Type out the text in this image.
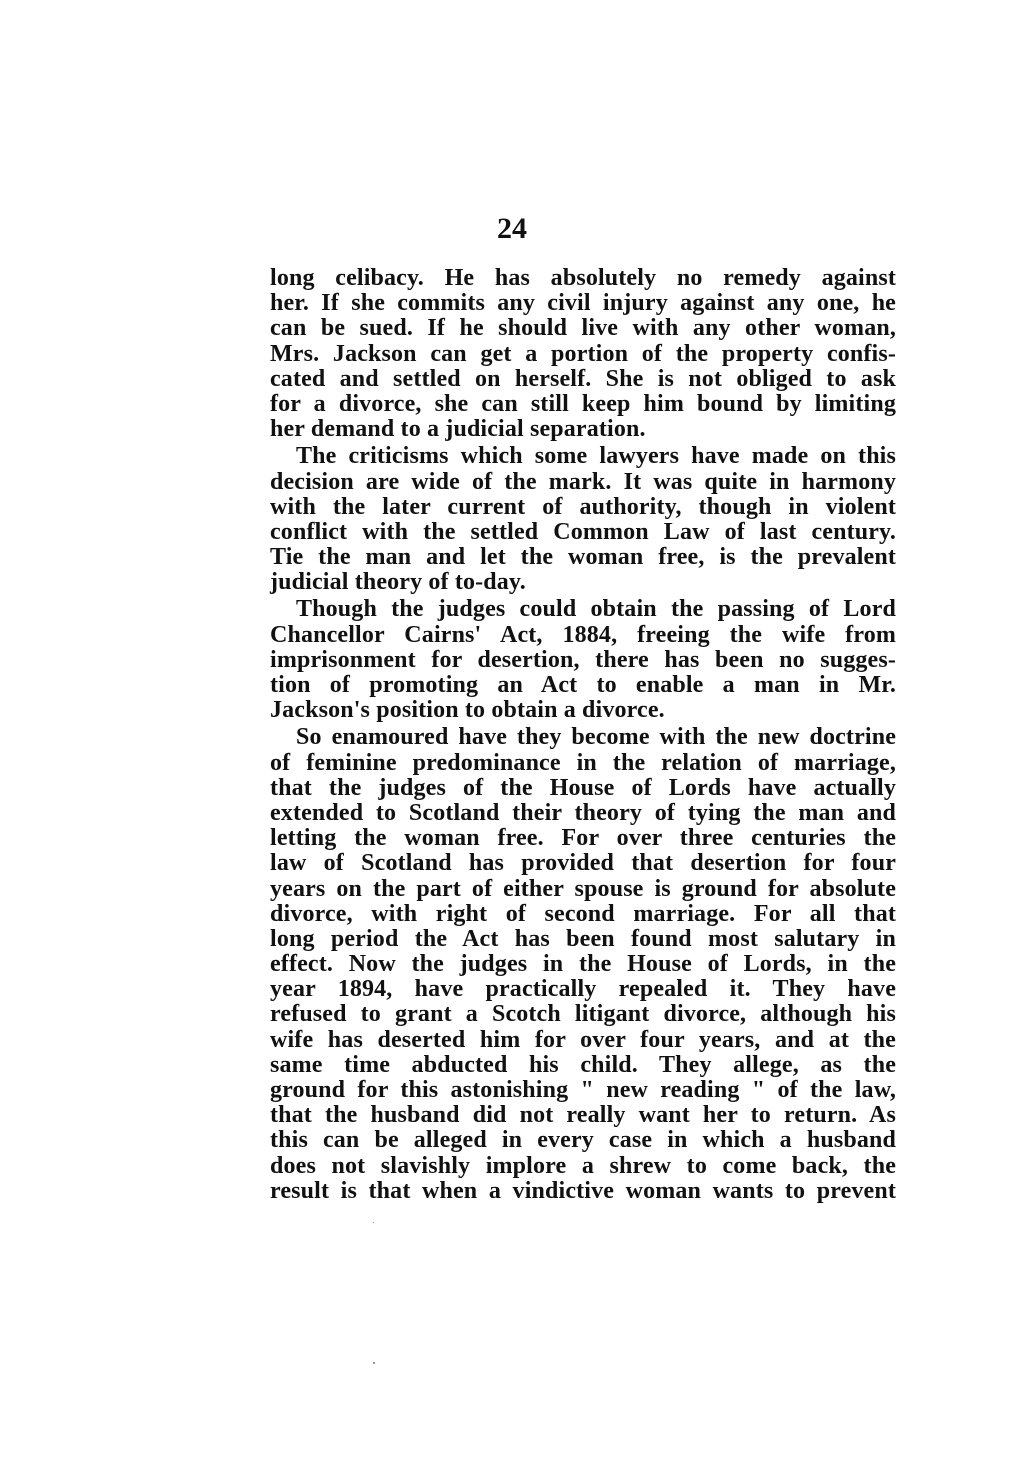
24
long celibacy. He has absolutely no remedy against
her. If she commits any civil injury against any one, he
can be sued. If he should live with any other woman,
Mrs. Jackson can get a portion of the property confis-
cated and settled on herself. She is not obliged to ask
for a divorce, she can still keep him bound by limiting
her demand to a judicial separation.
The criticisms which some lawyers have made on this
decision are wide of the mark. It was quite in harmony
with the later current of authority, though in violent
conflict with the settled Common Law of last century.
Tie the man and let the woman free, is the prevalent
judicial theory of to-day.
Though the judges could obtain the passing of Lord
Chancellor Cairns' Act, 1884, freeing the wife from
imprisonment for desertion, there has been no sugges-
tion of promoting an Act to enable a man in Mr.
Jackson's position to obtain a divorce.
So enamoured have they become with the new doctrine
of feminine predominance in the relation of marriage,
that the judges of the House of Lords have actually
extended to Scotland their theory of tying the man and
letting the woman free. For over three centuries the
law of Scotland has provided that desertion for four
years on the part of either spouse is ground for absolute
divorce, with right of second marriage. For all that
long period the Act has been found most salutary in
effect. Now the judges in the House of Lords, in the
year 1894, have practically repealed it. They have
refused to grant a Scotch litigant divorce, although his
wife has deserted him for over four years, and at the
same time abducted his child. They allege, as the
ground for this astonishing " new reading " of the law,
that the husband did not really want her to return. As
this can be alleged in every case in which a husband
does not slavishly implore a shrew to come back, the
result is that when a vindictive woman wants to prevent
